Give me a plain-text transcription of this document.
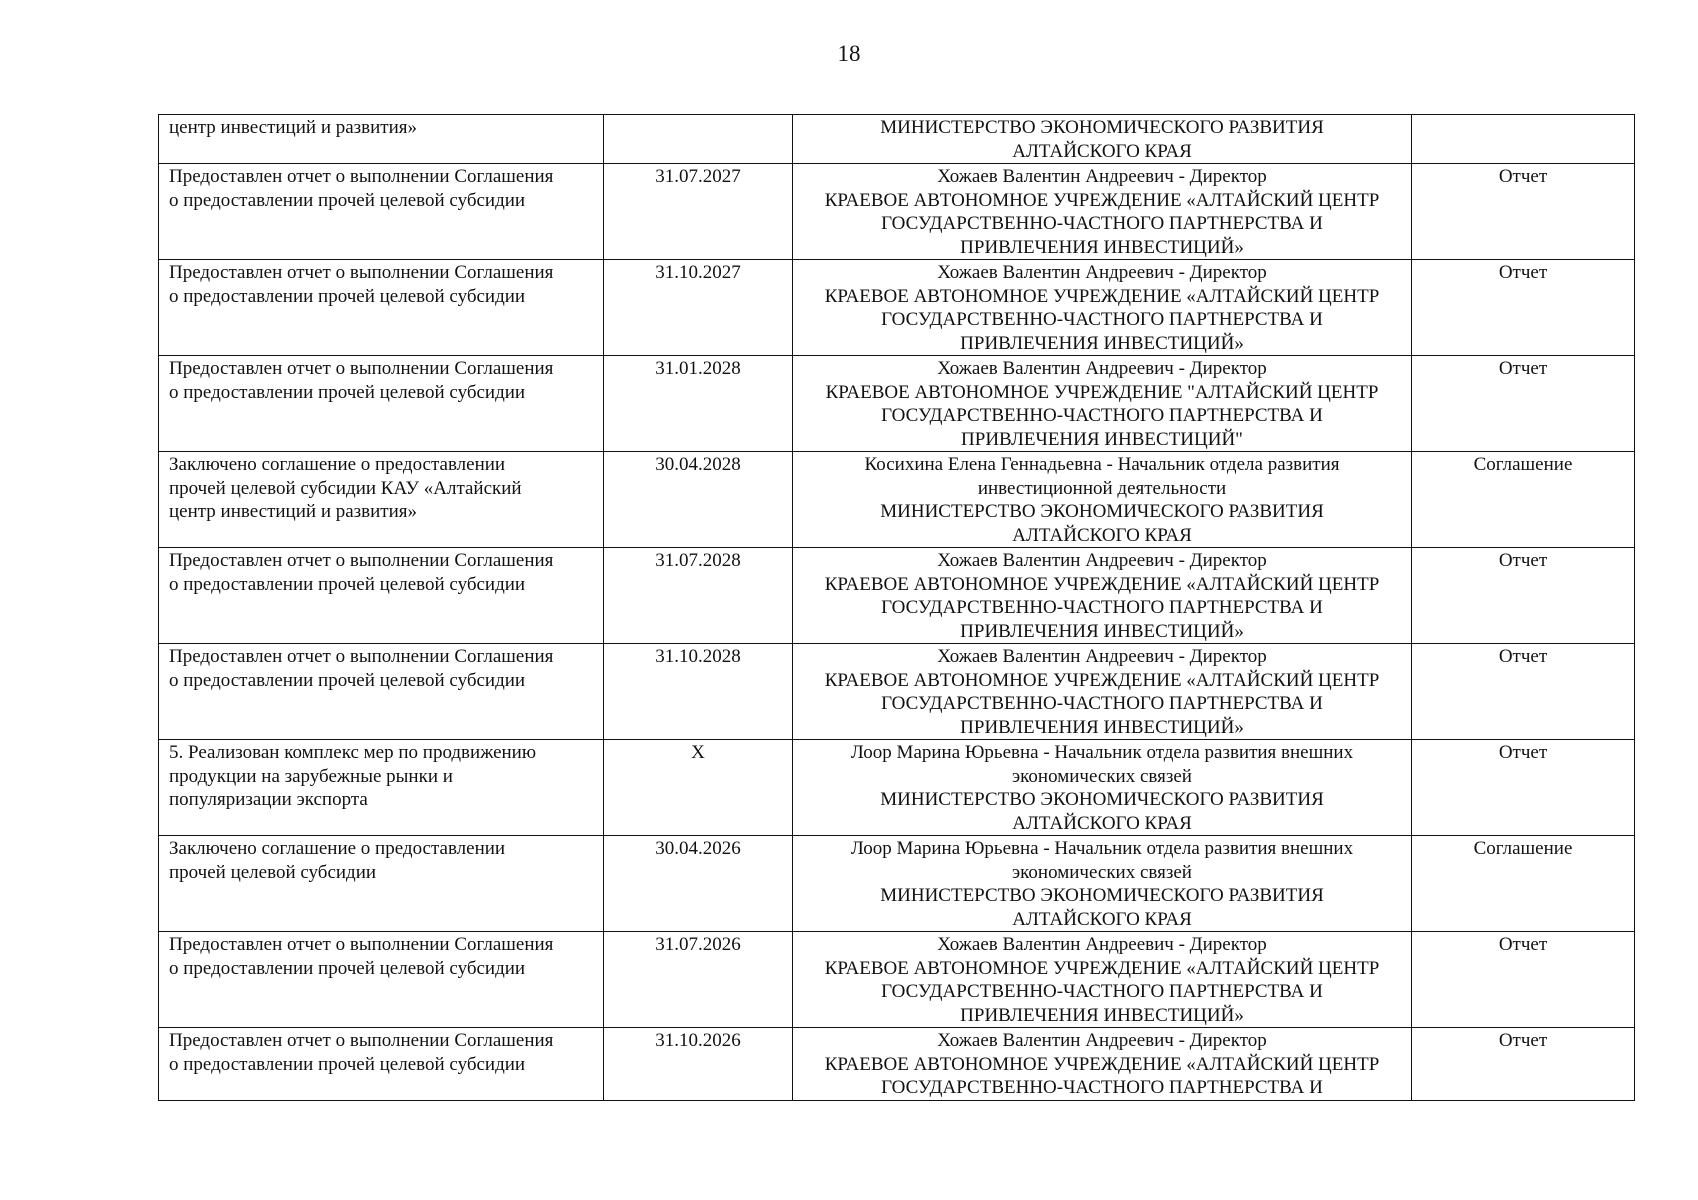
18
центр инвестиций и развития»		МИНИСТЕРСТВО ЭКОНОМИЧЕСКОГО РАЗВИТИЯ
АЛТАЙСКОГО КРАЯ	

Предоставлен отчет о выполнении Соглашения
о предоставлении прочей целевой субсидии	31.07.2027	Хожаев Валентин Андреевич - Директор
КРАЕВОЕ АВТОНОМНОЕ УЧРЕЖДЕНИЕ «АЛТАЙСКИЙ ЦЕНТР
ГОСУДАРСТВЕННО-ЧАСТНОГО ПАРТНЕРСТВА И
ПРИВЛЕЧЕНИЯ ИНВЕСТИЦИЙ»	Отчет

Предоставлен отчет о выполнении Соглашения
о предоставлении прочей целевой субсидии	31.10.2027	Хожаев Валентин Андреевич - Директор
КРАЕВОЕ АВТОНОМНОЕ УЧРЕЖДЕНИЕ «АЛТАЙСКИЙ ЦЕНТР
ГОСУДАРСТВЕННО-ЧАСТНОГО ПАРТНЕРСТВА И
ПРИВЛЕЧЕНИЯ ИНВЕСТИЦИЙ»	Отчет

Предоставлен отчет о выполнении Соглашения
о предоставлении прочей целевой субсидии	31.01.2028	Хожаев Валентин Андреевич - Директор
КРАЕВОЕ АВТОНОМНОЕ УЧРЕЖДЕНИЕ "АЛТАЙСКИЙ ЦЕНТР
ГОСУДАРСТВЕННО-ЧАСТНОГО ПАРТНЕРСТВА И
ПРИВЛЕЧЕНИЯ ИНВЕСТИЦИЙ"	Отчет

Заключено соглашение о предоставлении
прочей целевой субсидии КАУ «Алтайский
центр инвестиций и развития»	30.04.2028	Косихина Елена Геннадьевна - Начальник отдела развития
инвестиционной деятельности
МИНИСТЕРСТВО ЭКОНОМИЧЕСКОГО РАЗВИТИЯ
АЛТАЙСКОГО КРАЯ	Соглашение

Предоставлен отчет о выполнении Соглашения
о предоставлении прочей целевой субсидии	31.07.2028	Хожаев Валентин Андреевич - Директор
КРАЕВОЕ АВТОНОМНОЕ УЧРЕЖДЕНИЕ «АЛТАЙСКИЙ ЦЕНТР
ГОСУДАРСТВЕННО-ЧАСТНОГО ПАРТНЕРСТВА И
ПРИВЛЕЧЕНИЯ ИНВЕСТИЦИЙ»	Отчет

Предоставлен отчет о выполнении Соглашения
о предоставлении прочей целевой субсидии	31.10.2028	Хожаев Валентин Андреевич - Директор
КРАЕВОЕ АВТОНОМНОЕ УЧРЕЖДЕНИЕ «АЛТАЙСКИЙ ЦЕНТР
ГОСУДАРСТВЕННО-ЧАСТНОГО ПАРТНЕРСТВА И
ПРИВЛЕЧЕНИЯ ИНВЕСТИЦИЙ»	Отчет

5. Реализован комплекс мер по продвижению
продукции на зарубежные рынки и
популяризации экспорта	X	Лоор Марина Юрьевна - Начальник отдела развития внешних
экономических связей
МИНИСТЕРСТВО ЭКОНОМИЧЕСКОГО РАЗВИТИЯ
АЛТАЙСКОГО КРАЯ	Отчет

Заключено соглашение о предоставлении
прочей целевой субсидии	30.04.2026	Лоор Марина Юрьевна - Начальник отдела развития внешних
экономических связей
МИНИСТЕРСТВО ЭКОНОМИЧЕСКОГО РАЗВИТИЯ
АЛТАЙСКОГО КРАЯ	Соглашение

Предоставлен отчет о выполнении Соглашения
о предоставлении прочей целевой субсидии	31.07.2026	Хожаев Валентин Андреевич - Директор
КРАЕВОЕ АВТОНОМНОЕ УЧРЕЖДЕНИЕ «АЛТАЙСКИЙ ЦЕНТР
ГОСУДАРСТВЕННО-ЧАСТНОГО ПАРТНЕРСТВА И
ПРИВЛЕЧЕНИЯ ИНВЕСТИЦИЙ»	Отчет

Предоставлен отчет о выполнении Соглашения
о предоставлении прочей целевой субсидии	31.10.2026	Хожаев Валентин Андреевич - Директор
КРАЕВОЕ АВТОНОМНОЕ УЧРЕЖДЕНИЕ «АЛТАЙСКИЙ ЦЕНТР
ГОСУДАРСТВЕННО-ЧАСТНОГО ПАРТНЕРСТВА И	Отчет
